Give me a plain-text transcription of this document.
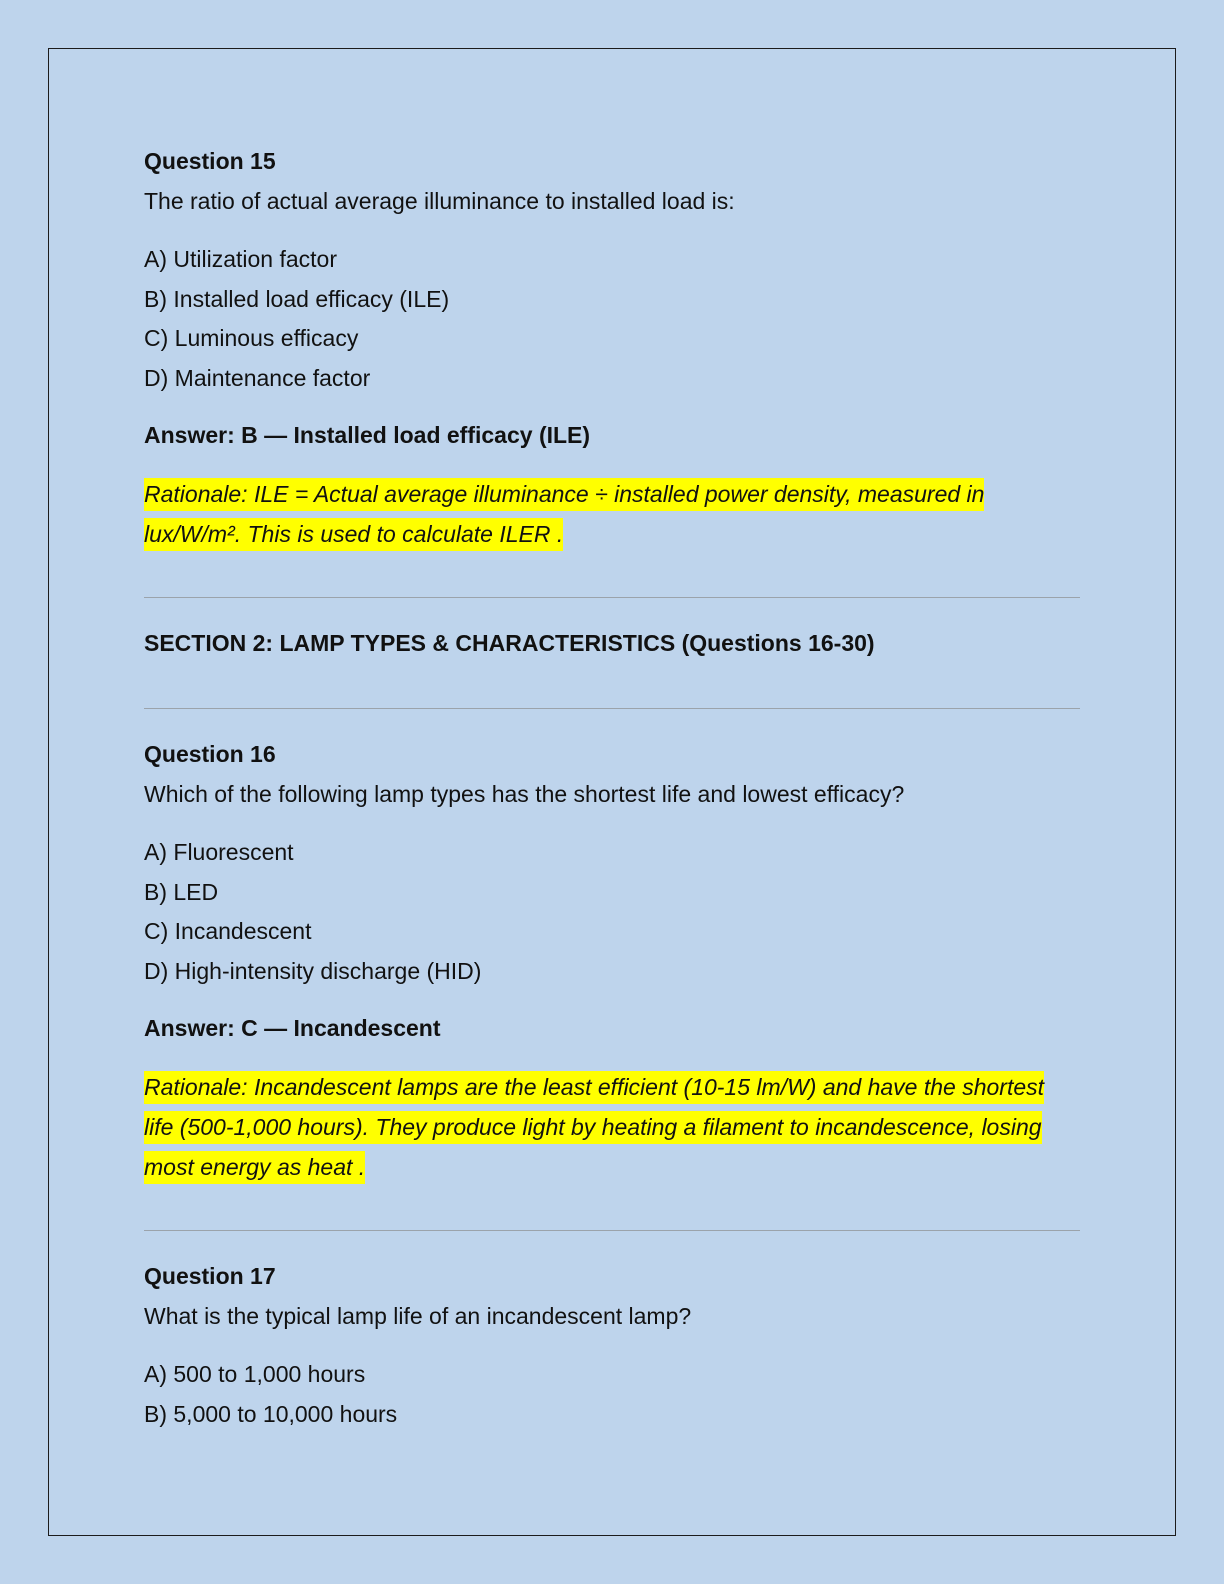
Question 15
The ratio of actual average illuminance to installed load is:
A) Utilization factor
B) Installed load efficacy (ILE)
C) Luminous efficacy
D) Maintenance factor
Answer: B — Installed load efficacy (ILE)

Rationale: ILE = Actual average illuminance ÷ installed power density, measured in lux/W/m². This is used to calculate ILER .

SECTION 2: LAMP TYPES & CHARACTERISTICS (Questions 16-30)
Question 16
Which of the following lamp types has the shortest life and lowest efficacy?
A) Fluorescent
B) LED
C) Incandescent
D) High-intensity discharge (HID)
Answer: C — Incandescent

Rationale: Incandescent lamps are the least efficient (10-15 lm/W) and have the shortest life (500-1,000 hours). They produce light by heating a filament to incandescence, losing most energy as heat .

Question 17
What is the typical lamp life of an incandescent lamp?
A) 500 to 1,000 hours
B) 5,000 to 10,000 hours
